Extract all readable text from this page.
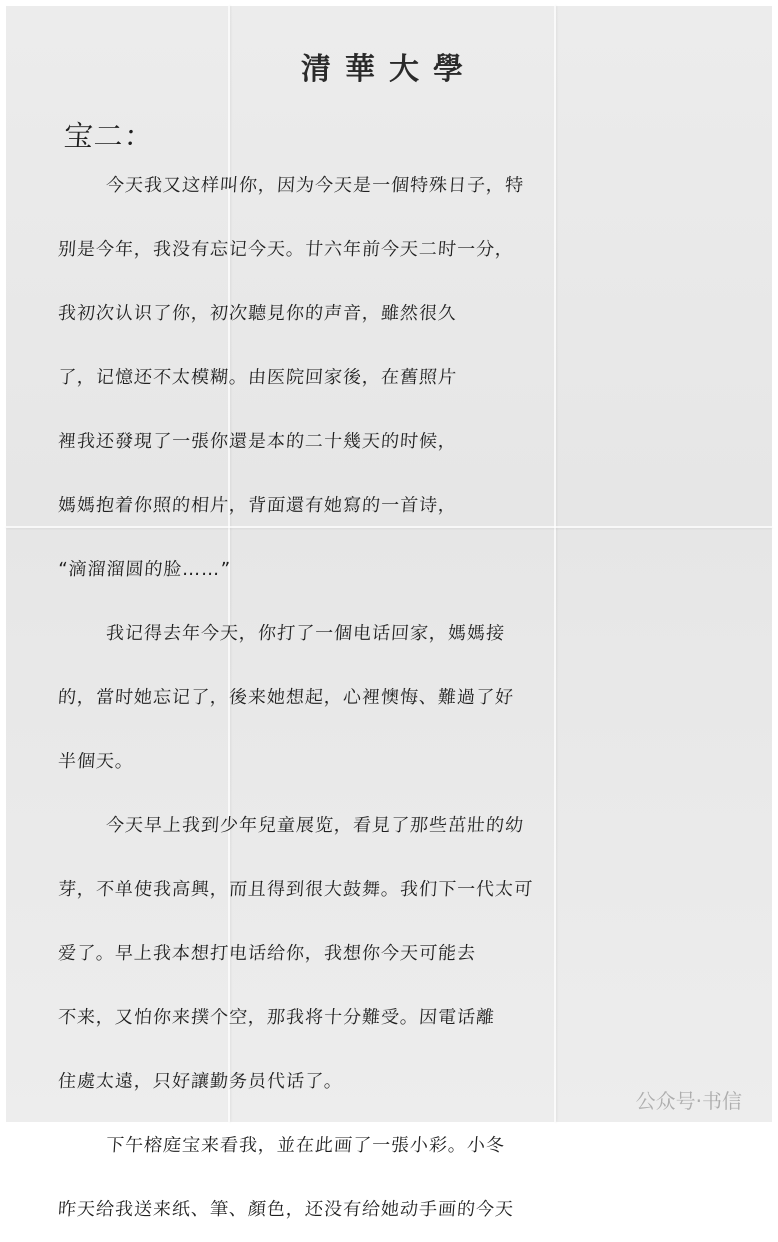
清華大學
宝二：
今天我又这样叫你，因为今天是一個特殊日子，特
别是今年，我没有忘记今天。廿六年前今天二时一分，
我初次认识了你，初次聽見你的声音，雖然很久
了，记憶还不太模糊。由医院回家後，在舊照片
裡我还發現了一張你還是本的二十幾天的时候，
媽媽抱着你照的相片，背面還有她寫的一首诗，
“滴溜溜圆的脸……”
我记得去年今天，你打了一個电话回家，媽媽接
的，當时她忘记了，後来她想起，心裡懊悔、難過了好
半個天。
今天早上我到少年兒童展览，看見了那些茁壯的幼
芽，不单使我高興，而且得到很大鼓舞。我们下一代太可
爱了。早上我本想打电话给你，我想你今天可能去
不来，又怕你来撲个空，那我将十分難受。因電话離
住處太遠，只好讓勤务员代话了。
下午榕庭宝来看我，並在此画了一張小彩。小冬
昨天给我送来纸、筆、顏色，还没有给她动手画的今天
公众号·书信
